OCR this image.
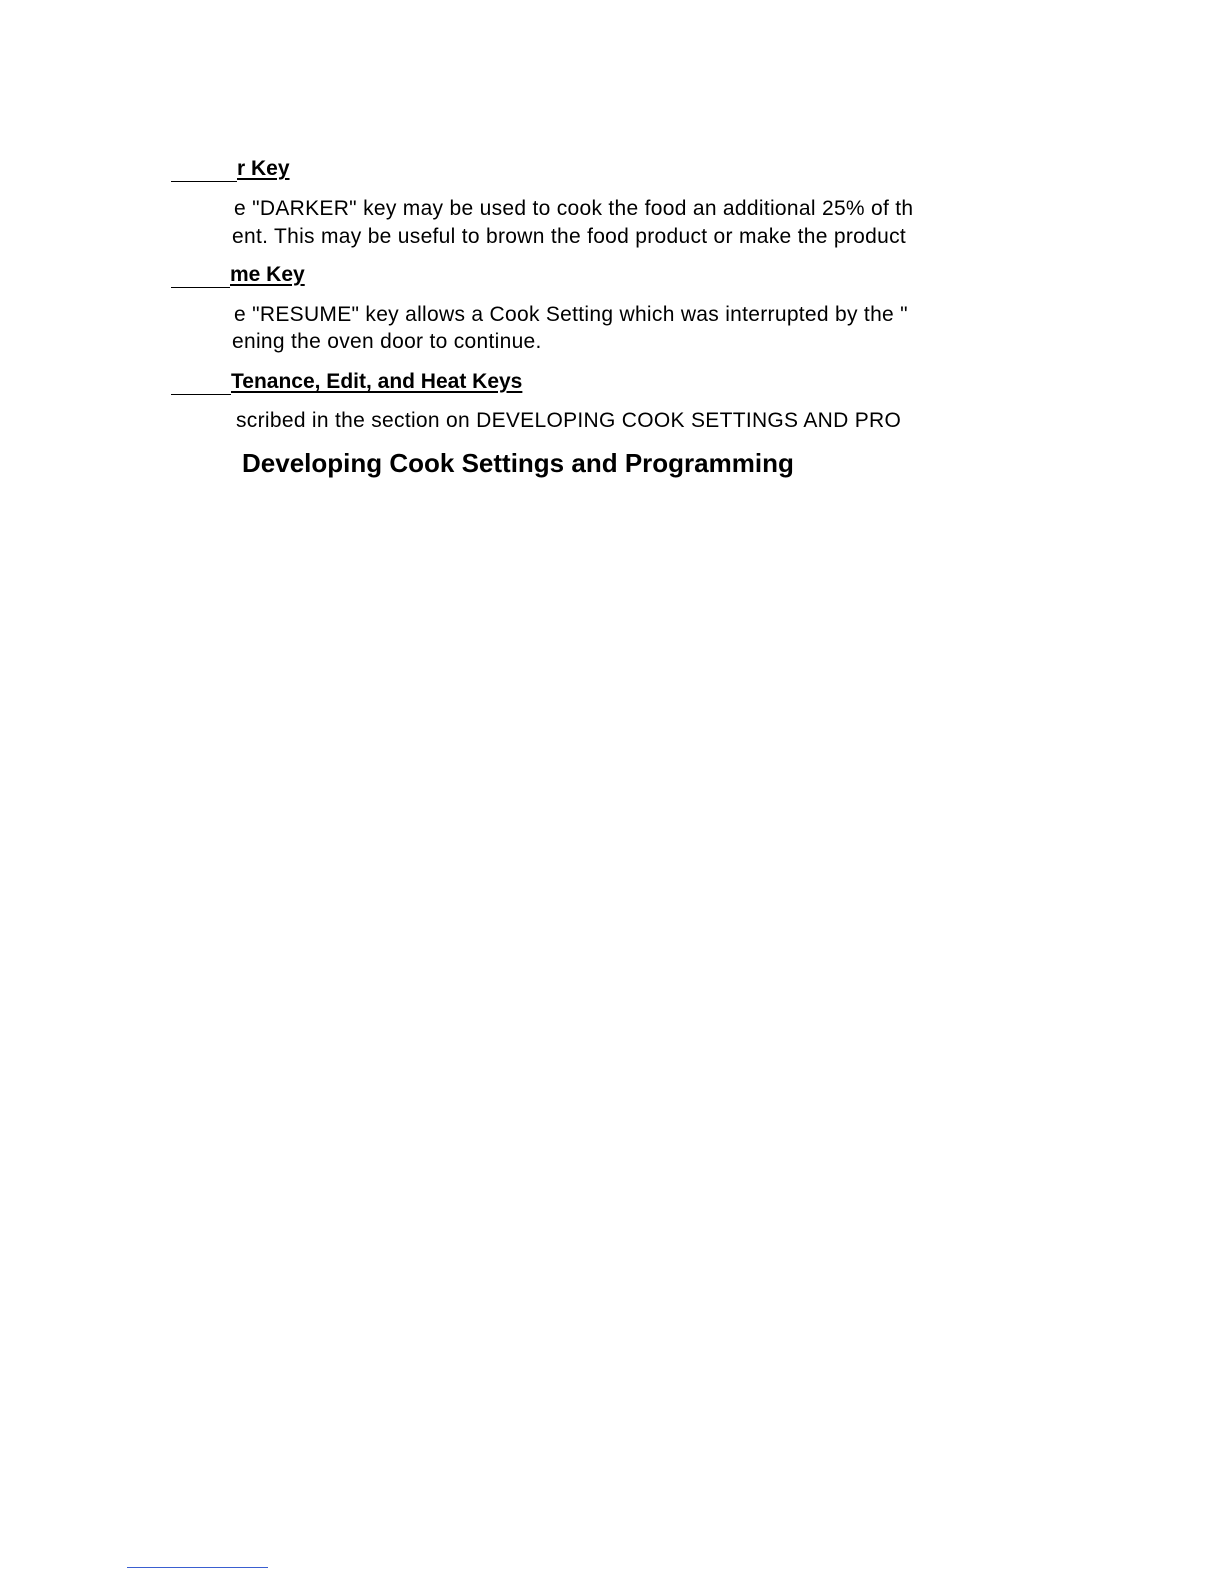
r Key
e "DARKER" key may be used to cook the food an additional 25% of th
ent. This may be useful to brown the food product or make the product
me Key
e "RESUME" key allows a Cook Setting which was interrupted by the "
ening the oven door to continue.
Tenance, Edit, and Heat Keys
scribed in the section on DEVELOPING COOK SETTINGS AND PRO
Developing Cook Settings and Programming
